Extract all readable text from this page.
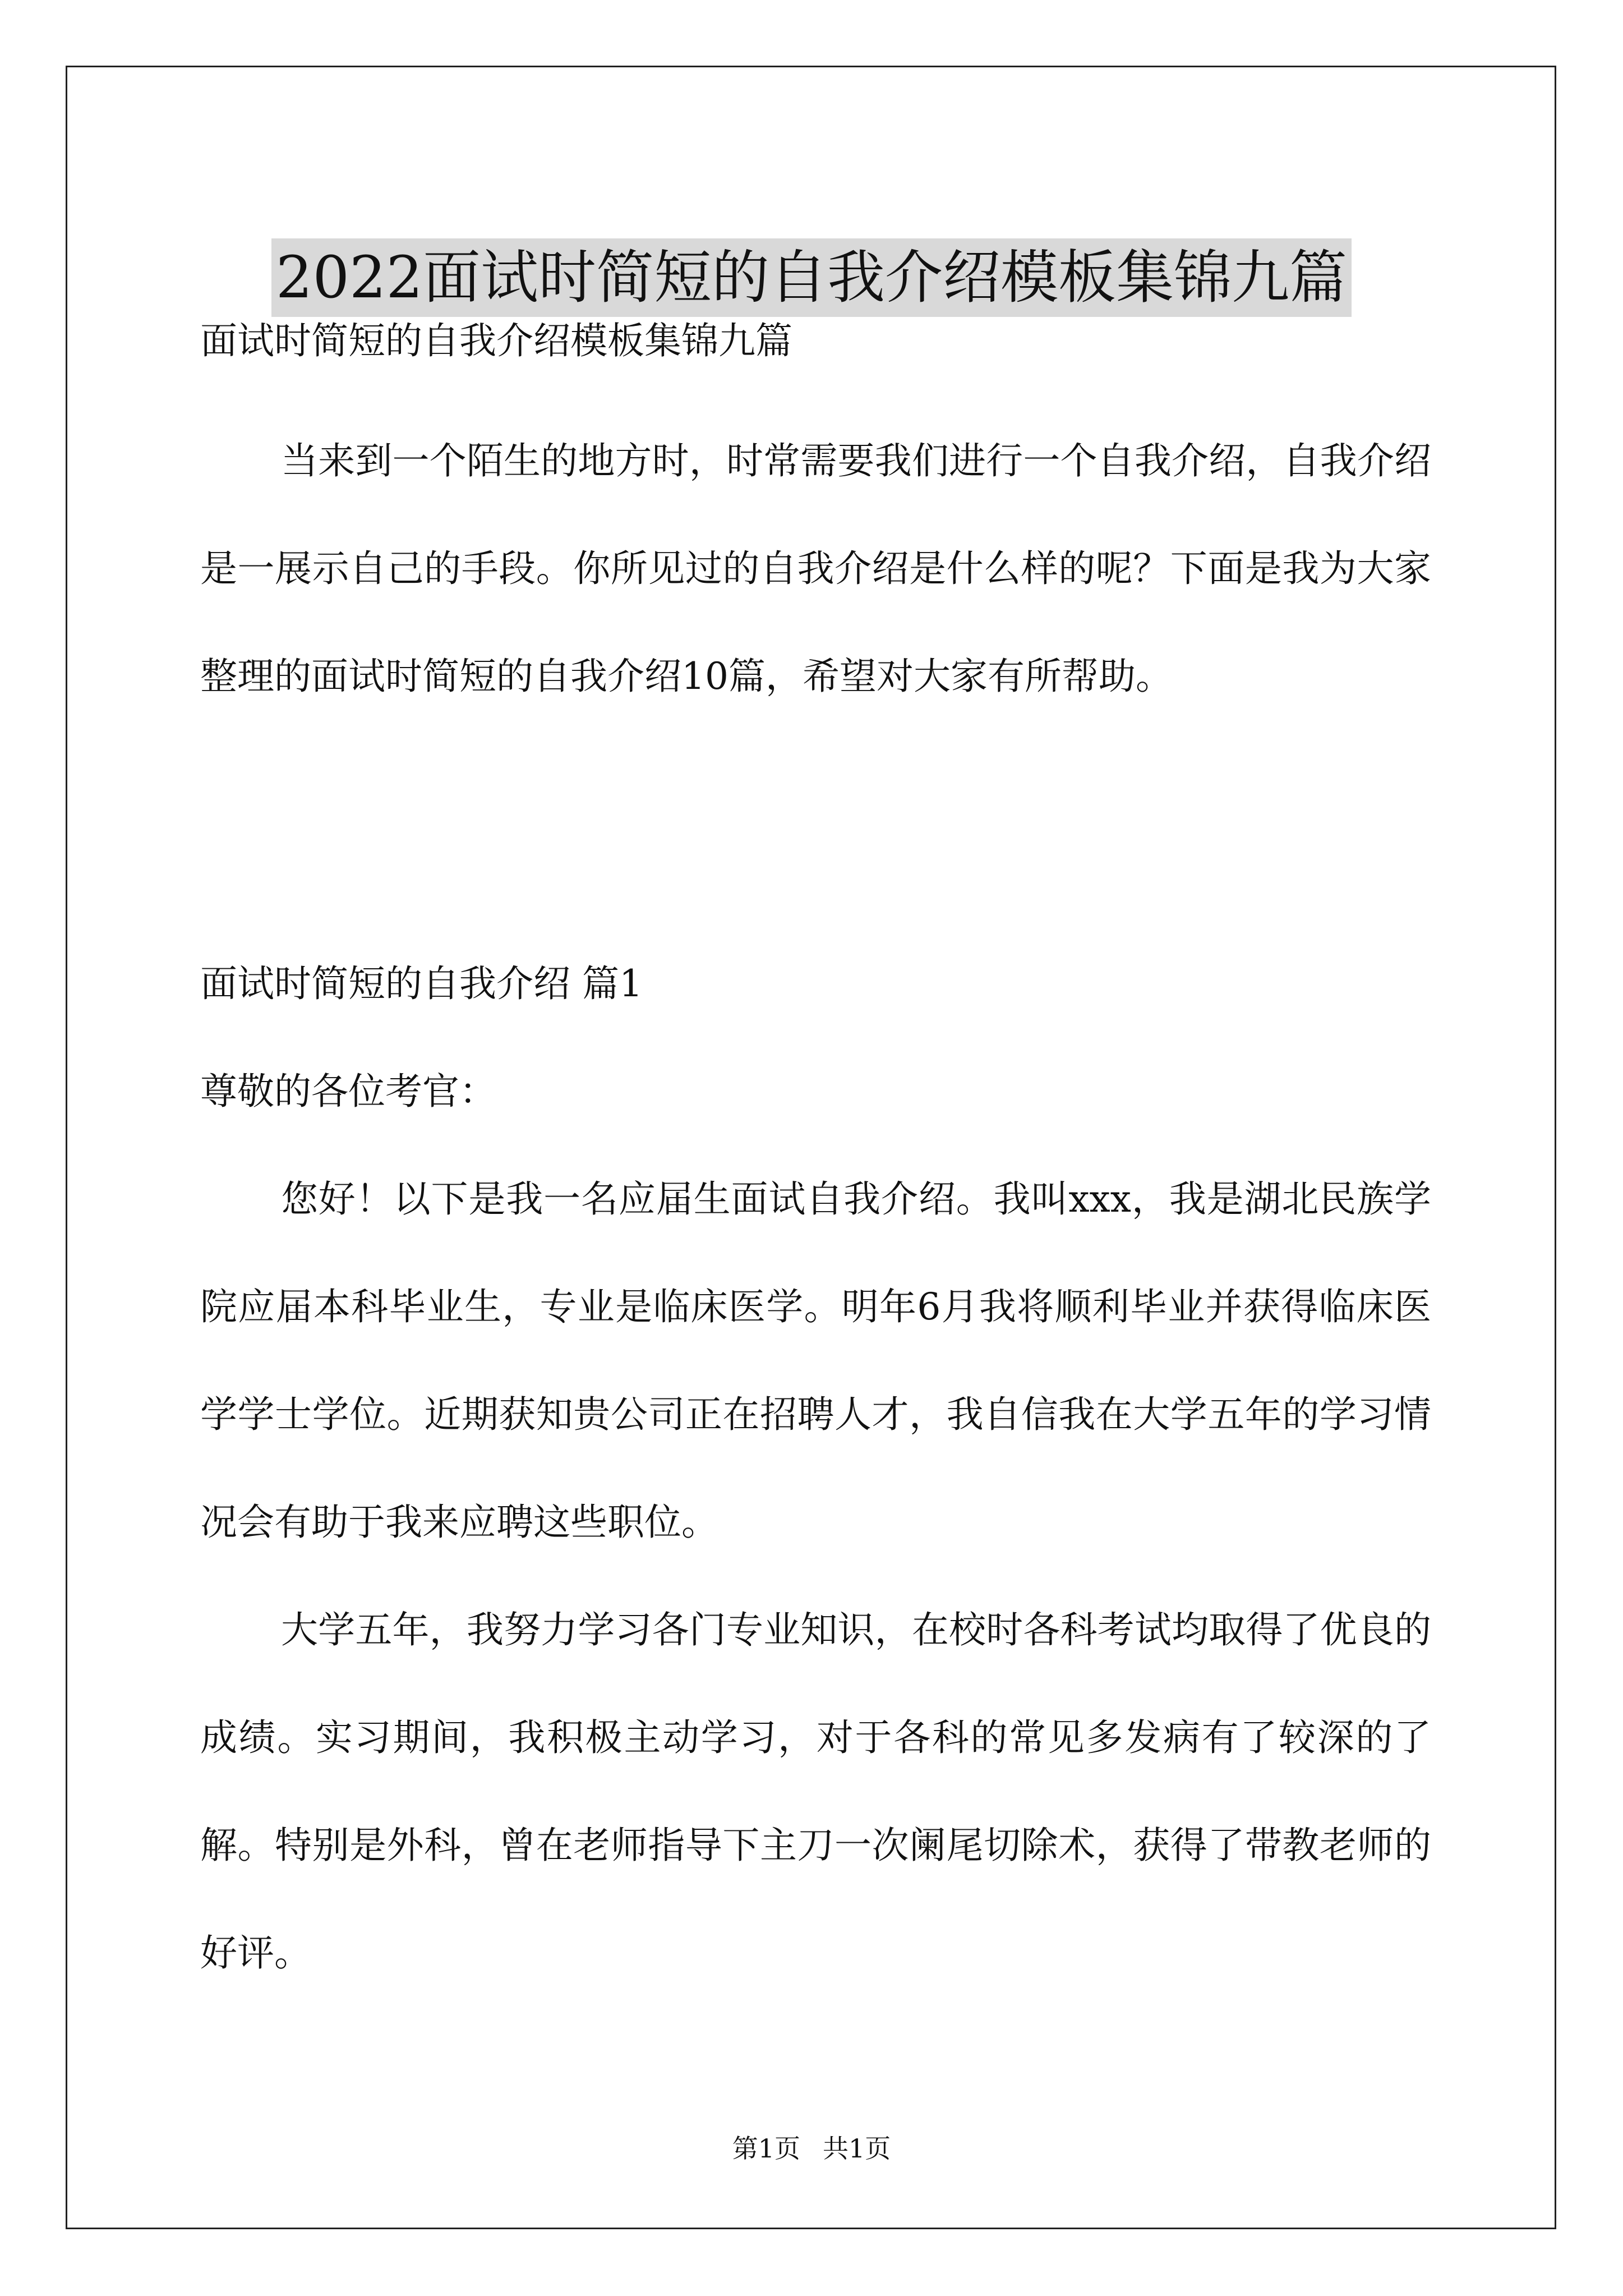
2022面试时简短的自我介绍模板集锦九篇

面试时简短的自我介绍模板集锦九篇

当来到一个陌生的地方时，时常需要我们进行一个自我介绍，自我介绍是一展示自己的手段。你所见过的自我介绍是什么样的呢？下面是我为大家整理的面试时简短的自我介绍10篇，希望对大家有所帮助。

面试时简短的自我介绍 篇1

尊敬的各位考官：

您好！以下是我一名应届生面试自我介绍。我叫xxx，我是湖北民族学院应届本科毕业生，专业是临床医学。明年6月我将顺利毕业并获得临床医学学士学位。近期获知贵公司正在招聘人才，我自信我在大学五年的学习情况会有助于我来应聘这些职位。

大学五年，我努力学习各门专业知识，在校时各科考试均取得了优良的成绩。实习期间，我积极主动学习，对于各科的常见多发病有了较深的了解。特别是外科，曾在老师指导下主刀一次阑尾切除术，获得了带教老师的好评。

第1页 共1页
